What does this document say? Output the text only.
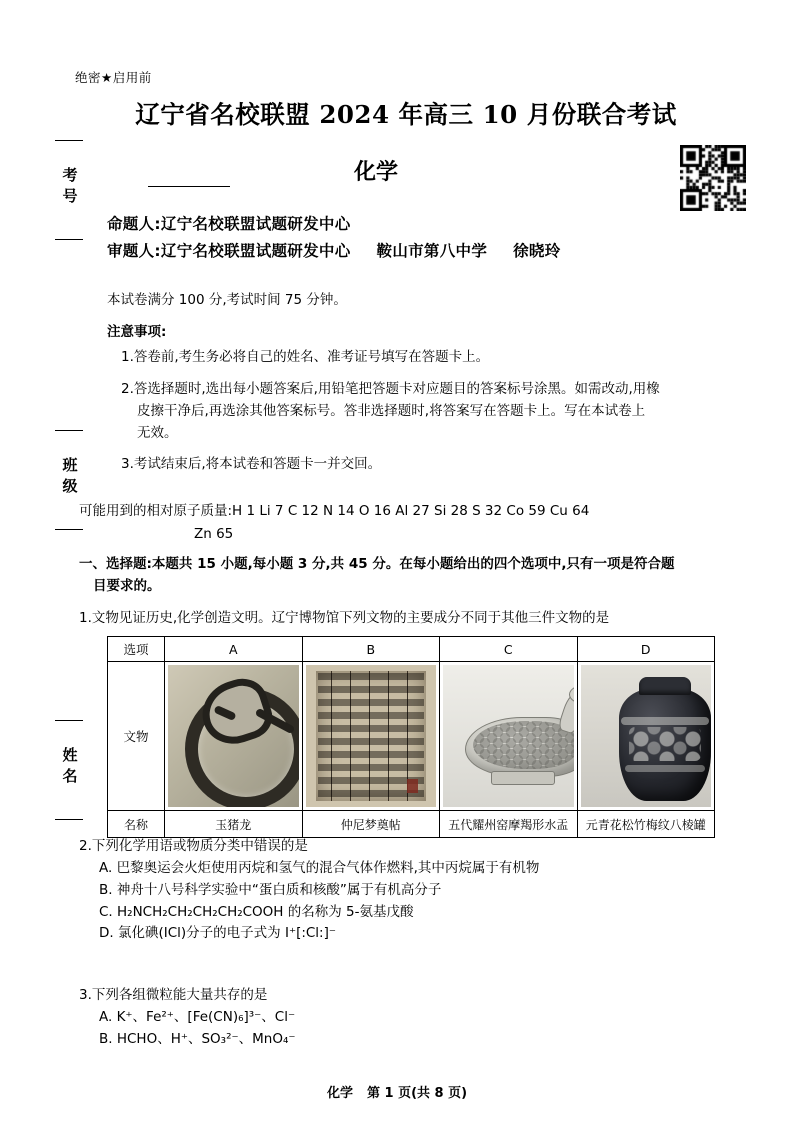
考号
班级
姓名
绝密★启用前
辽宁省名校联盟 2024 年高三 10 月份联合考试
化学
命题人:辽宁名校联盟试题研发中心
审题人:辽宁名校联盟试题研发中心 鞍山市第八中学 徐晓玲
本试卷满分 100 分,考试时间 75 分钟。
注意事项:
1.答卷前,考生务必将自己的姓名、准考证号填写在答题卡上。
2.答选择题时,选出每小题答案后,用铅笔把答题卡对应题目的答案标号涂黑。如需改动,用橡
皮擦干净后,再选涂其他答案标号。答非选择题时,将答案写在答题卡上。写在本试卷上
无效。
3.考试结束后,将本试卷和答题卡一并交回。
可能用到的相对原子质量:H 1 Li 7 C 12 N 14 O 16 Al 27 Si 28 S 32 Co 59 Cu 64
Zn 65
一、选择题:本题共 15 小题,每小题 3 分,共 45 分。在每小题给出的四个选项中,只有一项是符合题
目要求的。
1.文物见证历史,化学创造文明。辽宁博物馆下列文物的主要成分不同于其他三件文物的是
选项	A	B	C	D
文物	

名称	玉猪龙	仲尼梦奠帖	五代耀州窑摩羯形水盂	元青花松竹梅纹八棱罐
2.下列化学用语或物质分类中错误的是
A. 巴黎奥运会火炬使用丙烷和氢气的混合气体作燃料,其中丙烷属于有机物
B. 神舟十八号科学实验中“蛋白质和核酸”属于有机高分子
C. H₂NCH₂CH₂CH₂CH₂COOH 的名称为 5-氨基戊酸
D. 氯化碘(ICl)分子的电子式为 I⁺[:Cl:]⁻
3.下列各组微粒能大量共存的是
A. K⁺、Fe²⁺、[Fe(CN)₆]³⁻、Cl⁻
B. HCHO、H⁺、SO₃²⁻、MnO₄⁻
化学 第 1 页(共 8 页)
